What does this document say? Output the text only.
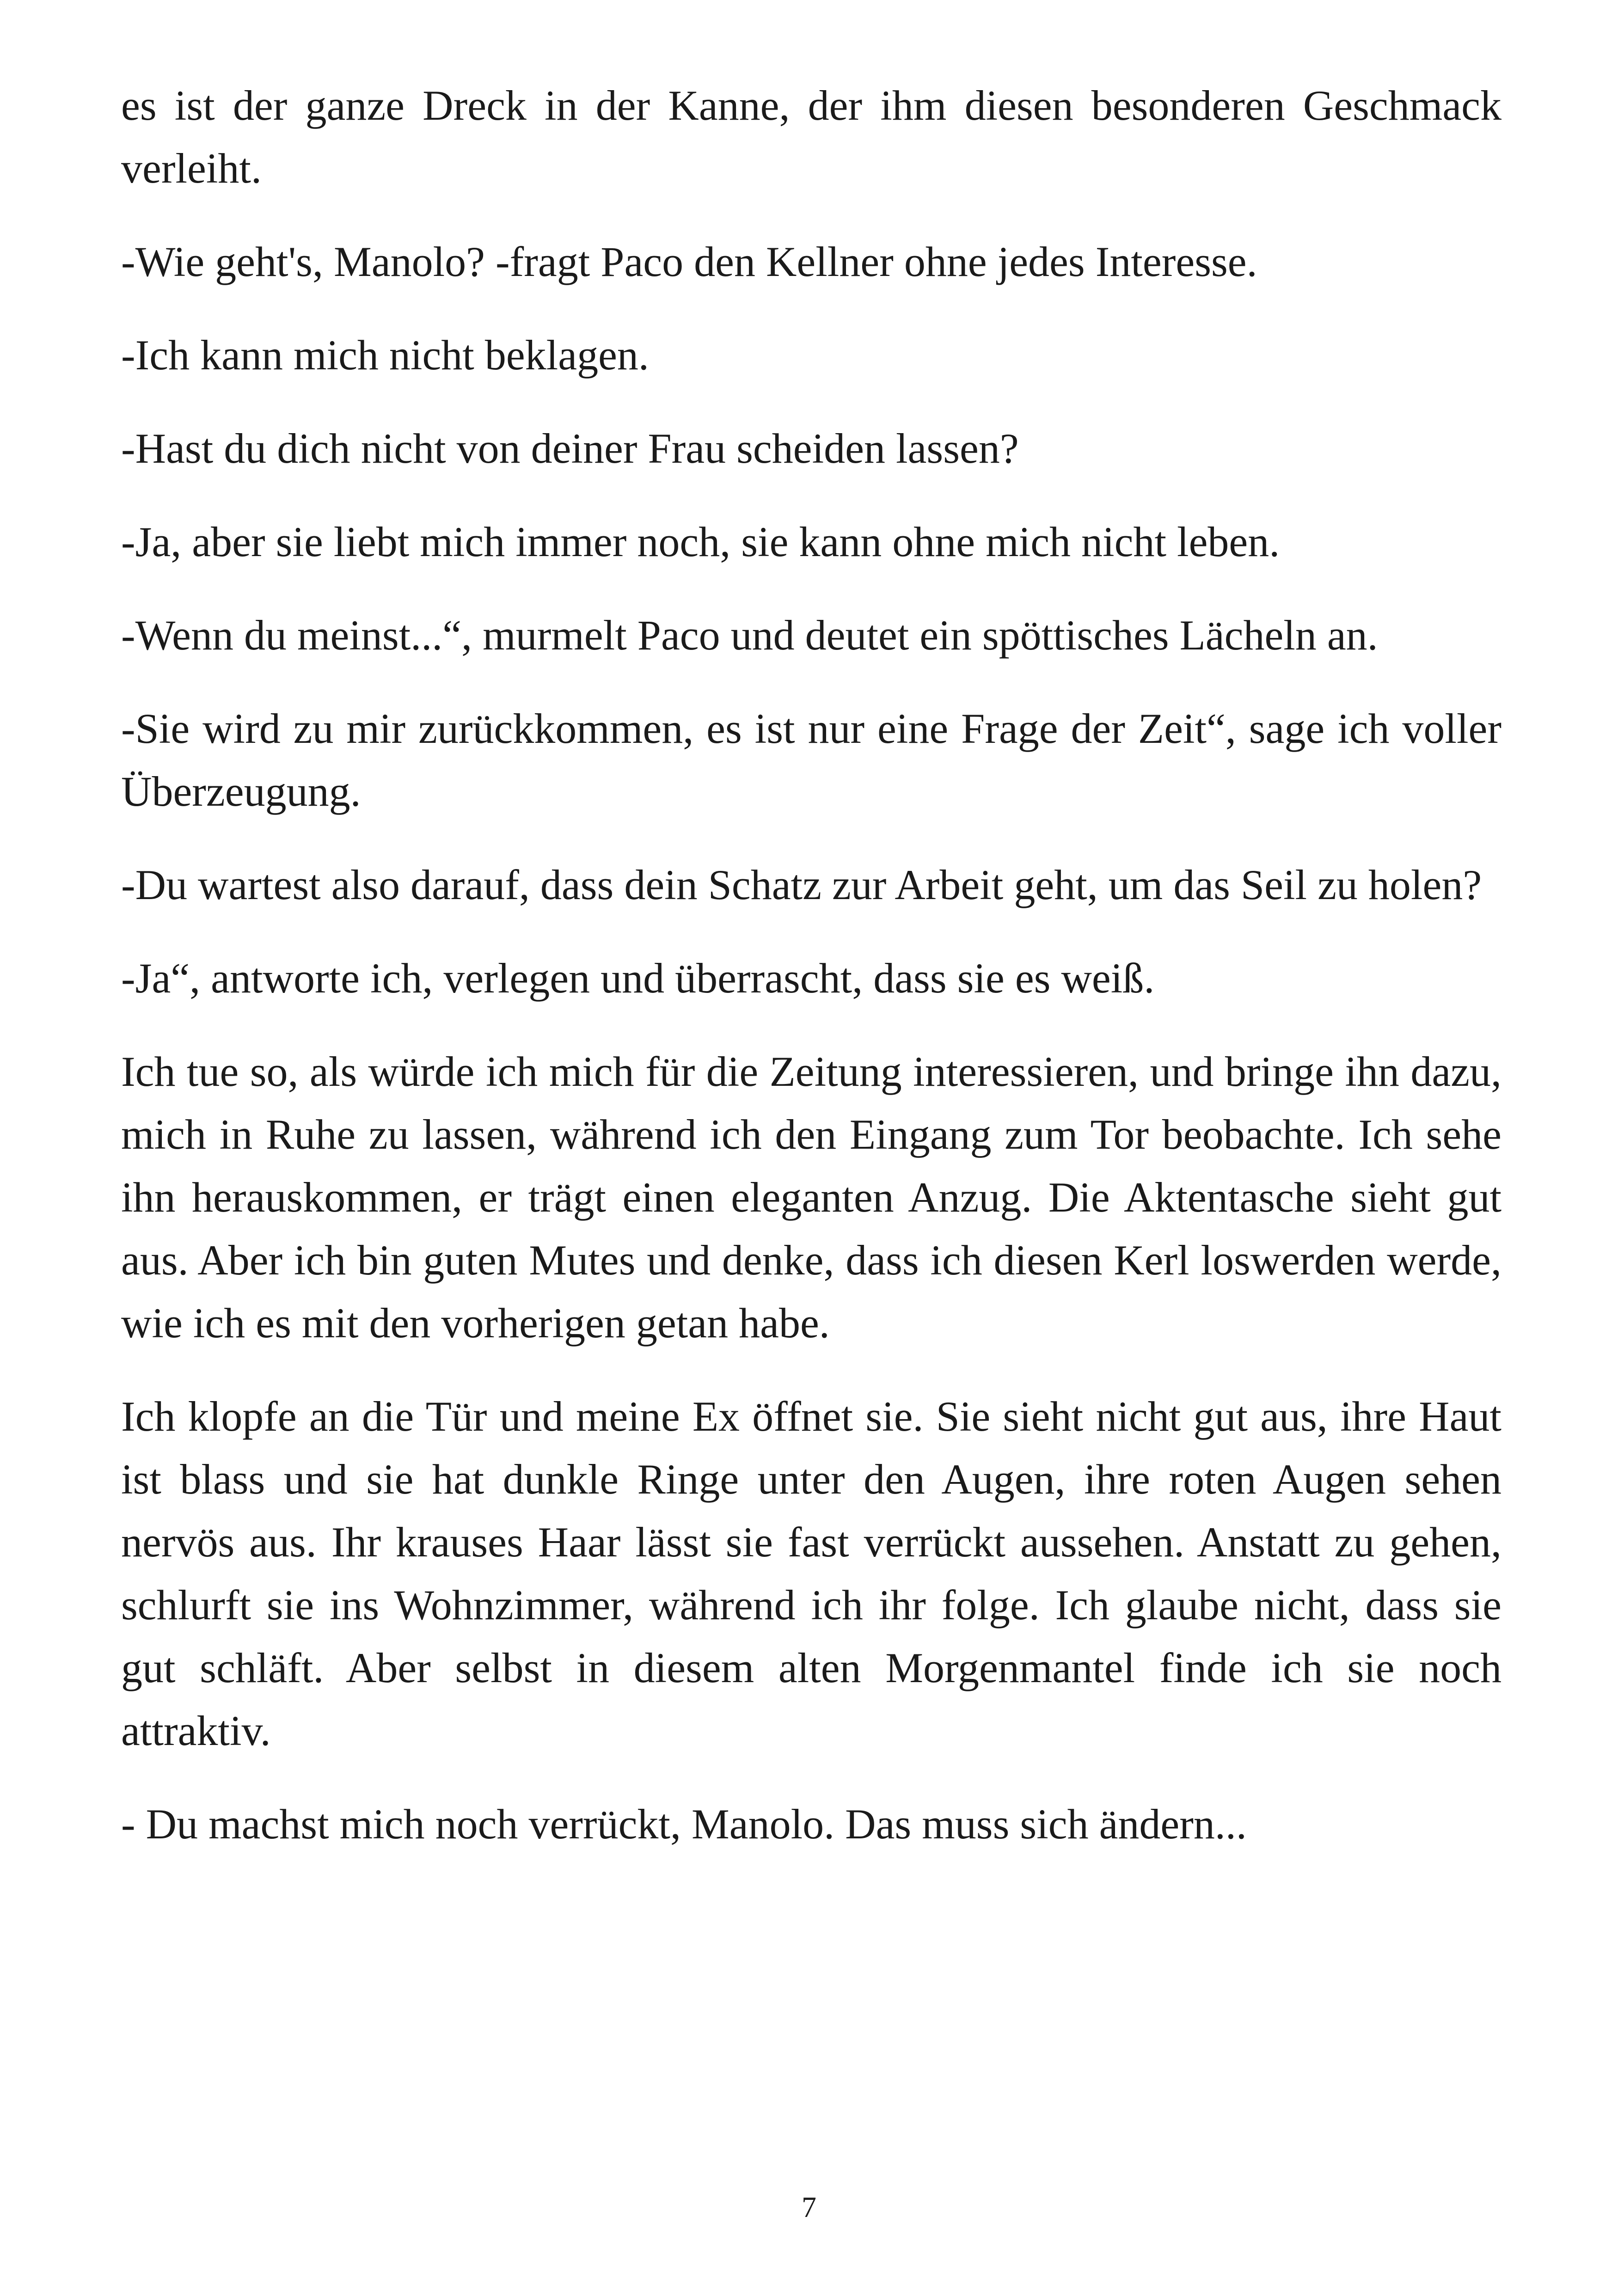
es ist der ganze Dreck in der Kanne, der ihm diesen besonderen Geschmack verleiht.

-Wie geht's, Manolo? -fragt Paco den Kellner ohne jedes Interesse.

-Ich kann mich nicht beklagen.

-Hast du dich nicht von deiner Frau scheiden lassen?

-Ja, aber sie liebt mich immer noch, sie kann ohne mich nicht leben.

-Wenn du meinst...“, murmelt Paco und deutet ein spöttisches Lächeln an.

-Sie wird zu mir zurückkommen, es ist nur eine Frage der Zeit“, sage ich voller Überzeugung.

-Du wartest also darauf, dass dein Schatz zur Arbeit geht, um das Seil zu holen?

-Ja“, antworte ich, verlegen und überrascht, dass sie es weiß.

Ich tue so, als würde ich mich für die Zeitung interessieren, und bringe ihn dazu, mich in Ruhe zu lassen, während ich den Eingang zum Tor beobachte. Ich sehe ihn herauskommen, er trägt einen eleganten Anzug. Die Aktentasche sieht gut aus. Aber ich bin guten Mutes und denke, dass ich diesen Kerl loswerden werde, wie ich es mit den vorherigen getan habe.

Ich klopfe an die Tür und meine Ex öffnet sie. Sie sieht nicht gut aus, ihre Haut ist blass und sie hat dunkle Ringe unter den Augen, ihre roten Augen sehen nervös aus. Ihr krauses Haar lässt sie fast verrückt aussehen. Anstatt zu gehen, schlurft sie ins Wohnzimmer, während ich ihr folge. Ich glaube nicht, dass sie gut schläft. Aber selbst in diesem alten Morgenmantel finde ich sie noch attraktiv.

- Du machst mich noch verrückt, Manolo. Das muss sich ändern...

7
